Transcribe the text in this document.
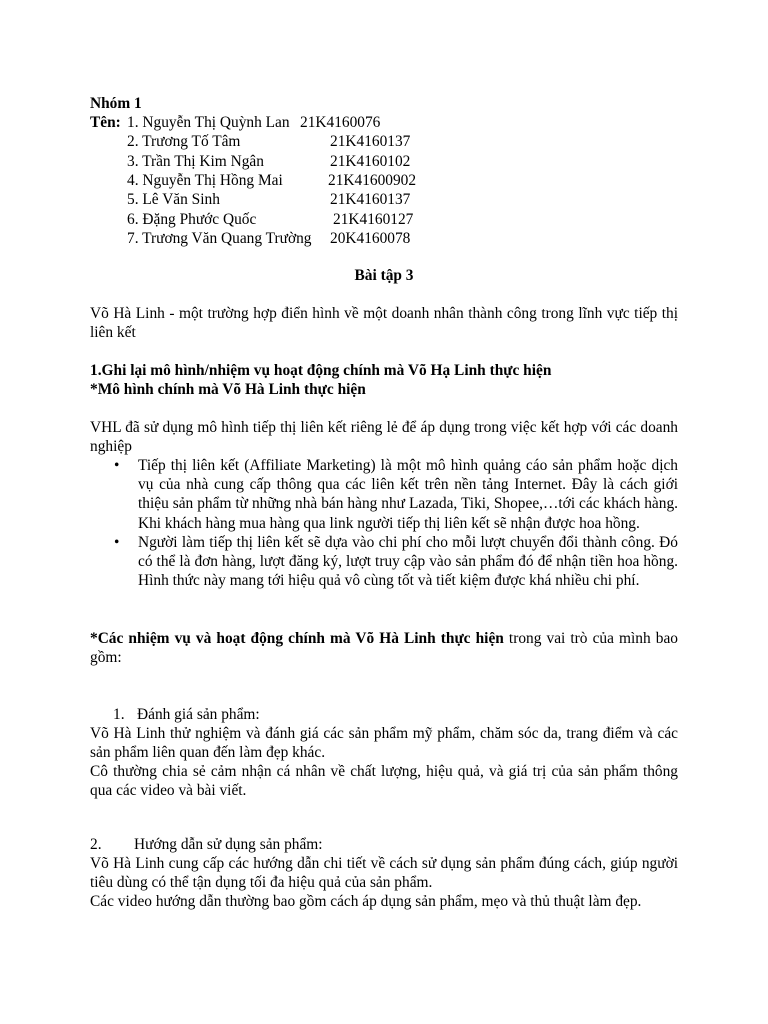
Nhóm 1
Tên: 1. Nguyễn Thị Quỳnh Lan 21K4160076
2. Trương Tố Tâm	21K4160137
3. Trần Thị Kim Ngân	21K4160102
4. Nguyễn Thị Hồng Mai	21K41600902
5. Lê Văn Sinh	21K4160137
6. Đặng Phước Quốc	21K4160127
7. Trương Văn Quang Trường 20K4160078
Bài tập 3
Võ Hà Linh - một trường hợp điển hình về một doanh nhân thành công trong lĩnh vực tiếp thị liên kết
1.Ghi lại mô hình/nhiệm vụ hoạt động chính mà Võ Hạ Linh thực hiện
*Mô hình chính mà Võ Hà Linh thực hiện
VHL đã sử dụng mô hình tiếp thị liên kết riêng lẻ để áp dụng trong việc kết hợp với các doanh nghiệp
•	Tiếp thị liên kết (Affiliate Marketing) là một mô hình quảng cáo sản phẩm hoặc dịch vụ của nhà cung cấp thông qua các liên kết trên nền tảng Internet. Đây là cách giới thiệu sản phẩm từ những nhà bán hàng như Lazada, Tiki, Shopee,…tới các khách hàng. Khi khách hàng mua hàng qua link người tiếp thị liên kết sẽ nhận được hoa hồng.
•	Người làm tiếp thị liên kết sẽ dựa vào chi phí cho mỗi lượt chuyển đổi thành công. Đó có thể là đơn hàng, lượt đăng ký, lượt truy cập vào sản phẩm đó để nhận tiền hoa hồng. Hình thức này mang tới hiệu quả vô cùng tốt và tiết kiệm được khá nhiều chi phí.
*Các nhiệm vụ và hoạt động chính mà Võ Hà Linh thực hiện trong vai trò của mình bao gồm:
1. Đánh giá sản phẩm:
Võ Hà Linh thử nghiệm và đánh giá các sản phẩm mỹ phẩm, chăm sóc da, trang điểm và các sản phẩm liên quan đến làm đẹp khác.
Cô thường chia sẻ cảm nhận cá nhân về chất lượng, hiệu quả, và giá trị của sản phẩm thông qua các video và bài viết.
2. Hướng dẫn sử dụng sản phẩm:
Võ Hà Linh cung cấp các hướng dẫn chi tiết về cách sử dụng sản phẩm đúng cách, giúp người tiêu dùng có thể tận dụng tối đa hiệu quả của sản phẩm.
Các video hướng dẫn thường bao gồm cách áp dụng sản phẩm, mẹo và thủ thuật làm đẹp.
